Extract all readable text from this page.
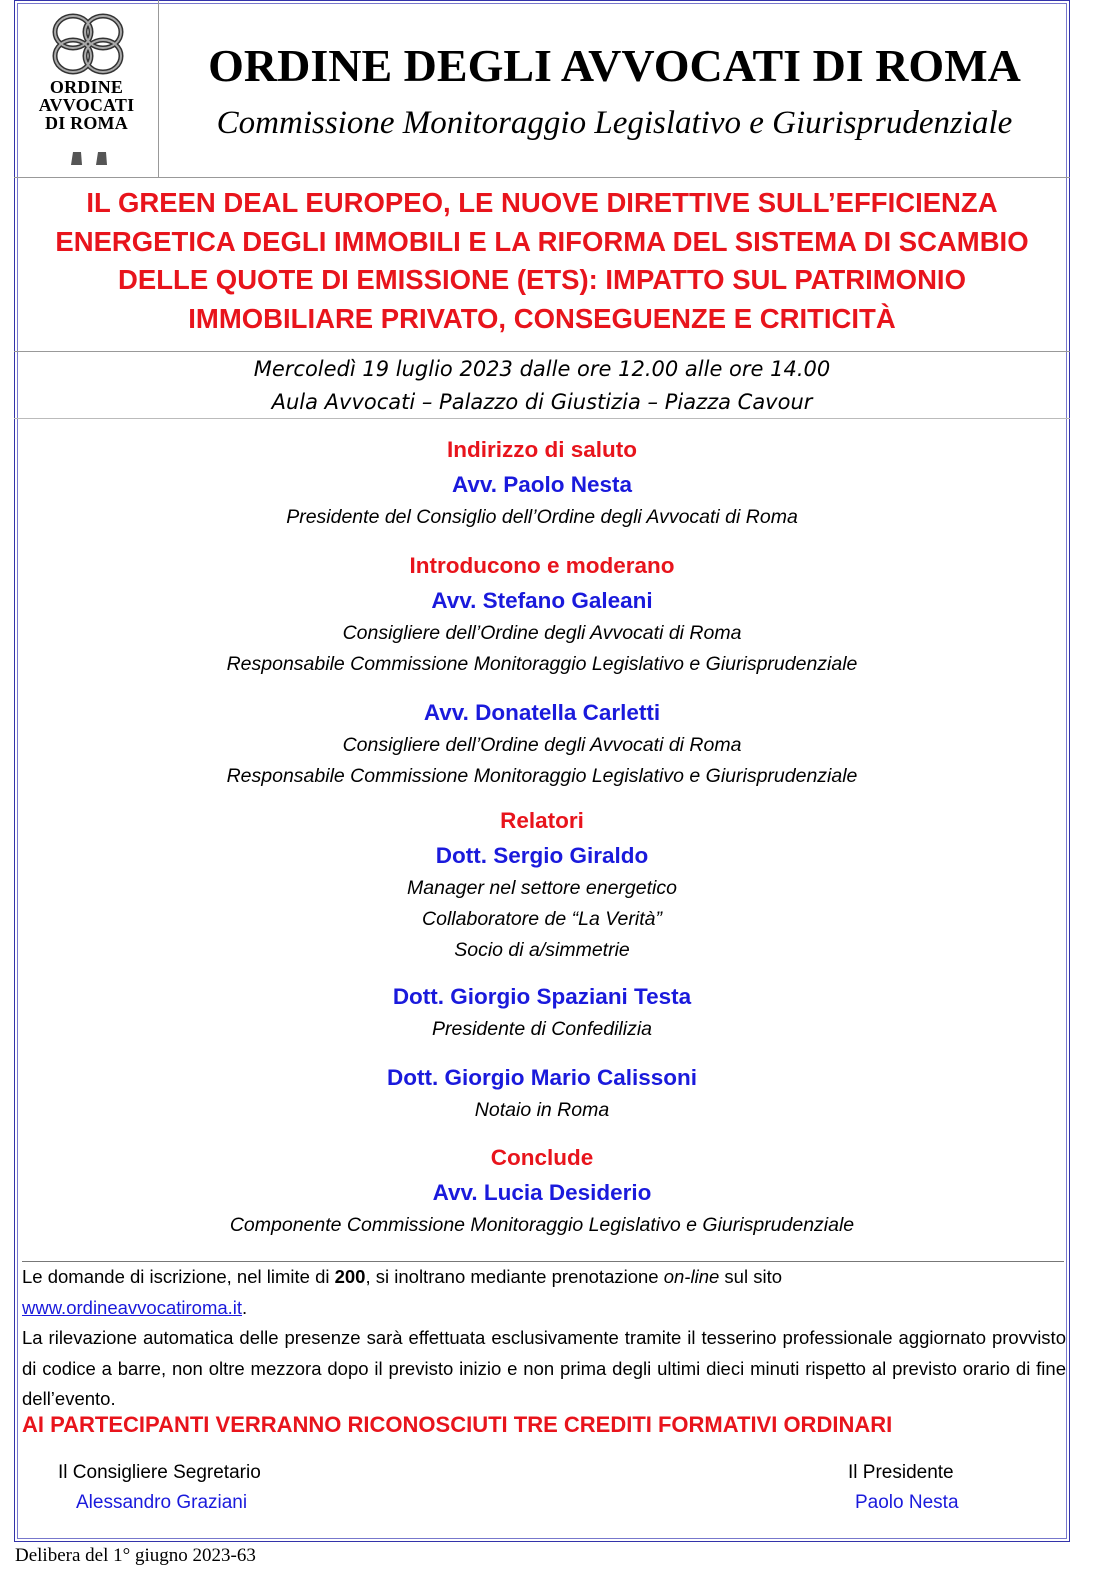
ORDINE
AVVOCATI
DI ROMA
ORDINE DEGLI AVVOCATI DI ROMA
Commissione Monitoraggio Legislativo e Giurisprudenziale
IL GREEN DEAL EUROPEO, LE NUOVE DIRETTIVE SULL’EFFICIENZA
ENERGETICA DEGLI IMMOBILI E LA RIFORMA DEL SISTEMA DI SCAMBIO
DELLE QUOTE DI EMISSIONE (ETS): IMPATTO SUL PATRIMONIO
IMMOBILIARE PRIVATO, CONSEGUENZE E CRITICITÀ
Mercoledì 19 luglio 2023 dalle ore 12.00 alle ore 14.00
Aula Avvocati – Palazzo di Giustizia – Piazza Cavour
Indirizzo di saluto
Avv. Paolo Nesta
Presidente del Consiglio dell’Ordine degli Avvocati di Roma
Introducono e moderano
Avv. Stefano Galeani
Consigliere dell’Ordine degli Avvocati di Roma
Responsabile Commissione Monitoraggio Legislativo e Giurisprudenziale
Avv. Donatella Carletti
Consigliere dell’Ordine degli Avvocati di Roma
Responsabile Commissione Monitoraggio Legislativo e Giurisprudenziale
Relatori
Dott. Sergio Giraldo
Manager nel settore energetico
Collaboratore de “La Verità”
Socio di a/simmetrie
Dott. Giorgio Spaziani Testa
Presidente di Confedilizia
Dott. Giorgio Mario Calissoni
Notaio in Roma
Conclude
Avv. Lucia Desiderio
Componente Commissione Monitoraggio Legislativo e Giurisprudenziale

Le domande di iscrizione, nel limite di 200, si inoltrano mediante prenotazione on-line sul sito

www.ordineavvocatiroma.it.

La rilevazione automatica delle presenze sarà effettuata esclusivamente tramite il tesserino professionale aggiornato provvisto di codice a barre, non oltre mezzora dopo il previsto inizio e non prima degli ultimi dieci minuti rispetto al previsto orario di fine dell’evento.

AI PARTECIPANTI VERRANNO RICONOSCIUTI TRE CREDITI FORMATIVI ORDINARI
Il Consigliere Segretario
Alessandro Graziani
Il Presidente
Paolo Nesta
Delibera del 1° giugno 2023-63
